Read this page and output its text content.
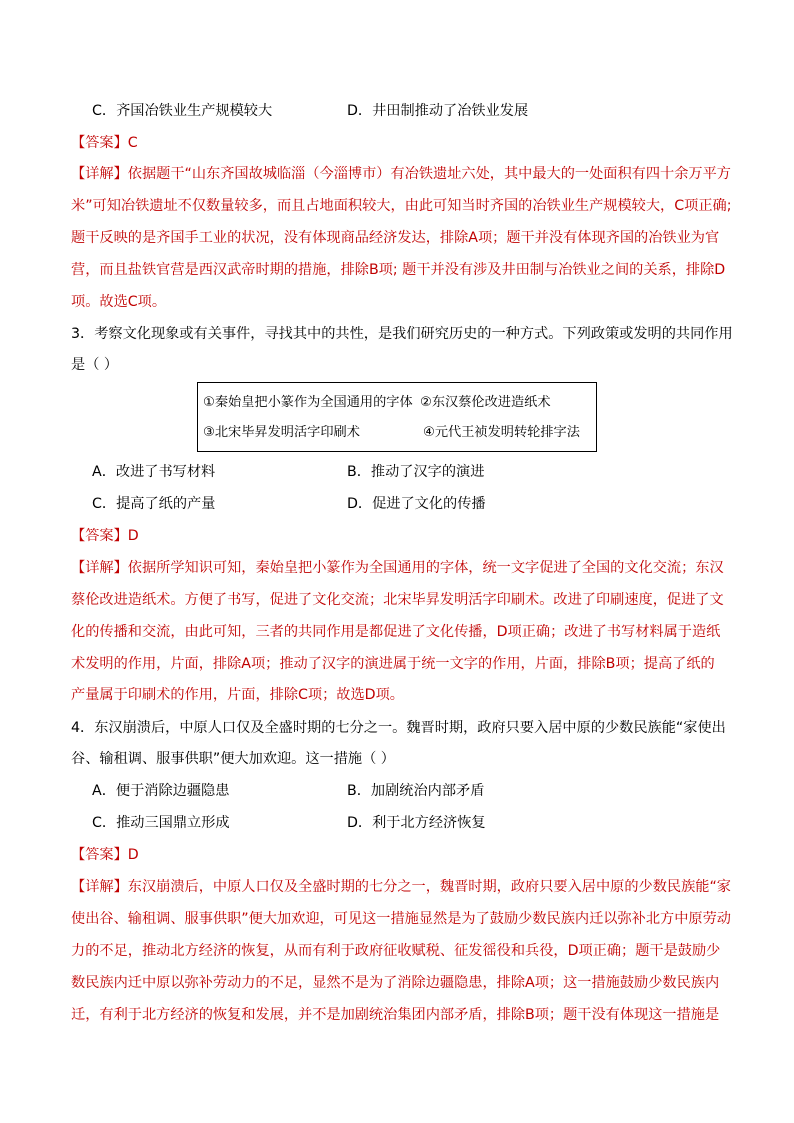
C．齐国冶铁业生产规模较大	D．井田制推动了冶铁业发展
【答案】C
【详解】依据题干“山东齐国故城临淄（今淄博市）有冶铁遗址六处，其中最大的一处面积有四十余万平方
米”可知冶铁遗址不仅数量较多，而且占地面积较大，由此可知当时齐国的冶铁业生产规模较大，C项正确;
题干反映的是齐国手工业的状况，没有体现商品经济发达，排除A项；题干并没有体现齐国的冶铁业为官
营，而且盐铁官营是西汉武帝时期的措施，排除B项; 题干并没有涉及井田制与冶铁业之间的关系，排除D
项。故选C项。
3．考察文化现象或有关事件，寻找其中的共性，是我们研究历史的一种方式。下列政策或发明的共同作用
是（ ）
①秦始皇把小篆作为全国通用的字体 ②东汉蔡伦改进造纸术
③北宋毕昇发明活字印刷术	④元代王祯发明转轮排字法
A．改进了书写材料	B．推动了汉字的演进
C．提高了纸的产量	D．促进了文化的传播
【答案】D
【详解】依据所学知识可知，秦始皇把小篆作为全国通用的字体，统一文字促进了全国的文化交流；东汉
蔡伦改进造纸术。方便了书写，促进了文化交流；北宋毕昇发明活字印刷术。改进了印刷速度，促进了文
化的传播和交流，由此可知，三者的共同作用是都促进了文化传播，D项正确；改进了书写材料属于造纸
术发明的作用，片面，排除A项；推动了汉字的演进属于统一文字的作用，片面，排除B项；提高了纸的
产量属于印刷术的作用，片面，排除C项；故选D项。
4．东汉崩溃后，中原人口仅及全盛时期的七分之一。魏晋时期，政府只要入居中原的少数民族能“家使出
谷、输租调、服事供职”便大加欢迎。这一措施（ ）
A．便于消除边疆隐患	B．加剧统治内部矛盾
C．推动三国鼎立形成	D．利于北方经济恢复
【答案】D
【详解】东汉崩溃后，中原人口仅及全盛时期的七分之一，魏晋时期，政府只要入居中原的少数民族能“家
使出谷、输租调、服事供职”便大加欢迎，可见这一措施显然是为了鼓励少数民族内迁以弥补北方中原劳动
力的不足，推动北方经济的恢复，从而有利于政府征收赋税、征发徭役和兵役，D项正确；题干是鼓励少
数民族内迁中原以弥补劳动力的不足，显然不是为了消除边疆隐患，排除A项；这一措施鼓励少数民族内
迁，有利于北方经济的恢复和发展，并不是加剧统治集团内部矛盾，排除B项；题干没有体现这一措施是
